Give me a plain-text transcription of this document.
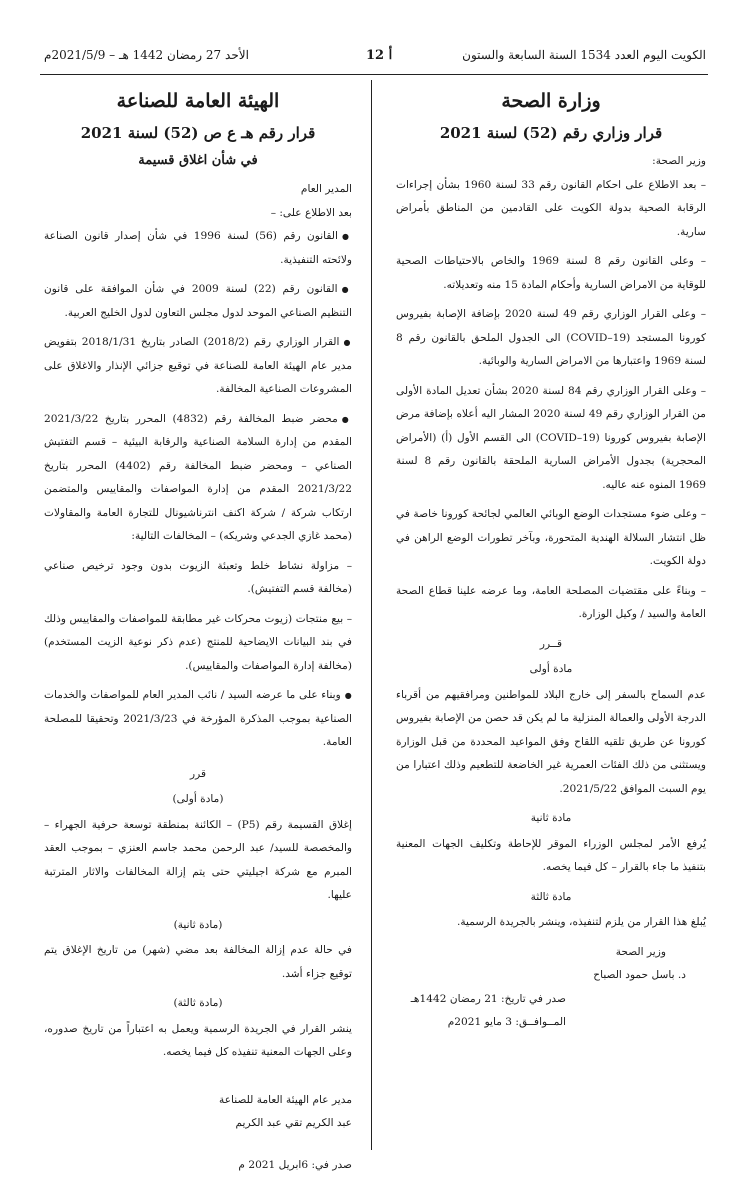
الكويت اليوم العدد 1534 السنة السابعة والستون
أ 12
الأحد 27 رمضان 1442 هـ – 2021/5/9م
وزارة الصحة
قرار وزاري رقم (52) لسنة 2021

وزير الصحة:

– بعد الاطلاع على احكام القانون رقم 33 لسنة 1960 بشأن إجراءات الرقابة الصحية بدولة الكويت على القادمين من المناطق بأمراض سارية.

– وعلى القانون رقم 8 لسنة 1969 والخاص بالاحتياطات الصحية للوقاية من الامراض السارية وأحكام المادة 15 منه وتعديلاته.

– وعلى القرار الوزاري رقم 49 لسنة 2020 بإضافة الإصابة بفيروس كورونا المستجد (COVID–19) الى الجدول الملحق بالقانون رقم 8 لسنة 1969 واعتبارها من الامراض السارية والوبائية.

– وعلى القرار الوزاري رقم 84 لسنة 2020 بشأن تعديل المادة الأولى من القرار الوزاري رقم 49 لسنة 2020 المشار اليه أعلاه بإضافة مرض الإصابة بفيروس كورونا (COVID–19) الى القسم الأول (أ) (الأمراض المحجرية) بجدول الأمراض السارية الملحقة بالقانون رقم 8 لسنة 1969 المنوه عنه عاليه.

– وعلى ضوء مستجدات الوضع الوبائي العالمي لجائحة كورونا خاصة في ظل انتشار السلالة الهندية المتحورة، وبآخر تطورات الوضع الراهن في دولة الكويت.

– وبناءً على مقتضيات المصلحة العامة، وما عرضه علينا قطاع الصحة العامة والسيد / وكيل الوزارة.

قــرر

مادة أولى

عدم السماح بالسفر إلى خارج البلاد للمواطنين ومرافقيهم من أقرباء الدرجة الأولى والعمالة المنزلية ما لم يكن قد حصن من الإصابة بفيروس كورونا عن طريق تلقيه اللقاح وفق المواعيد المحددة من قبل الوزارة ويستثنى من ذلك الفئات العمرية غير الخاضعة للتطعيم وذلك اعتبارا من يوم السبت الموافق 2021/5/22.

مادة ثانية

يُرفع الأمر لمجلس الوزراء الموقر للإحاطة وتكليف الجهات المعنية بتنفيذ ما جاء بالقرار – كل فيما يخصه.

مادة ثالثة

يُبلغ هذا القرار من يلزم لتنفيذه، وينشر بالجريدة الرسمية.

وزير الصحة

د. باسل حمود الصباح

صدر في تاريخ: 21 رمضان 1442هـ

المــوافــق: 3 مايو 2021م

الهيئة العامة للصناعة
قرار رقم هـ ع ص (52) لسنة 2021
في شأن اغلاق قسيمة

المدير العام

بعد الاطلاع على: –

● القانون رقم (56) لسنة 1996 في شأن إصدار قانون الصناعة ولائحته التنفيذية.

● القانون رقم (22) لسنة 2009 في شأن الموافقة على قانون التنظيم الصناعي الموحد لدول مجلس التعاون لدول الخليج العربية.

● القرار الوزاري رقم (2018/2) الصادر بتاريخ 2018/1/31 بتفويض مدير عام الهيئة العامة للصناعة في توقيع جزائي الإنذار والاغلاق على المشروعات الصناعية المخالفة.

● محضر ضبط المخالفة رقم (4832) المحرر بتاريخ 2021/3/22 المقدم من إدارة السلامة الصناعية والرقابة البيئية – قسم التفتيش الصناعي – ومحضر ضبط المخالفة رقم (4402) المحرر بتاريخ 2021/3/22 المقدم من إدارة المواصفات والمقاييس والمتضمن ارتكاب شركة / شركة اكنف انترناشيونال للتجارة العامة والمقاولات (محمد غازي الجدعي وشريكه) – المخالفات التالية:

– مزاولة نشاط خلط وتعبئة الزيوت بدون وجود ترخيص صناعي (مخالفة قسم التفتيش).

– بيع منتجات (زيوت محركات غير مطابقة للمواصفات والمقاييس وذلك في بند البيانات الايضاحية للمنتج (عدم ذكر نوعية الزيت المستخدم) (مخالفة إدارة المواصفات والمقاييس).

● وبناء على ما عرضه السيد / نائب المدير العام للمواصفات والخدمات الصناعية بموجب المذكرة المؤرخة في 2021/3/23 وتحقيقا للمصلحة العامة.

قرر

(مادة أولى)

إغلاق القسيمة رقم (P5) – الكائنة بمنطقة توسعة حرفية الجهراء – والمخصصة للسيد/ عبد الرحمن محمد جاسم العنزي – بموجب العقد المبرم مع شركة اجيليتي حتى يتم إزالة المخالفات والاثار المترتبة عليها.

(مادة ثانية)

في حالة عدم إزالة المخالفة بعد مضي (شهر) من تاريخ الإغلاق يتم توقيع جزاء أشد.

(مادة ثالثة)

ينشر القرار في الجريدة الرسمية ويعمل به اعتباراً من تاريخ صدوره، وعلى الجهات المعنية تنفيذه كل فيما يخصه.

مدير عام الهيئة العامة للصناعة

عبد الكريم تقي عبد الكريم

صدر في: 6ابريل 2021 م
